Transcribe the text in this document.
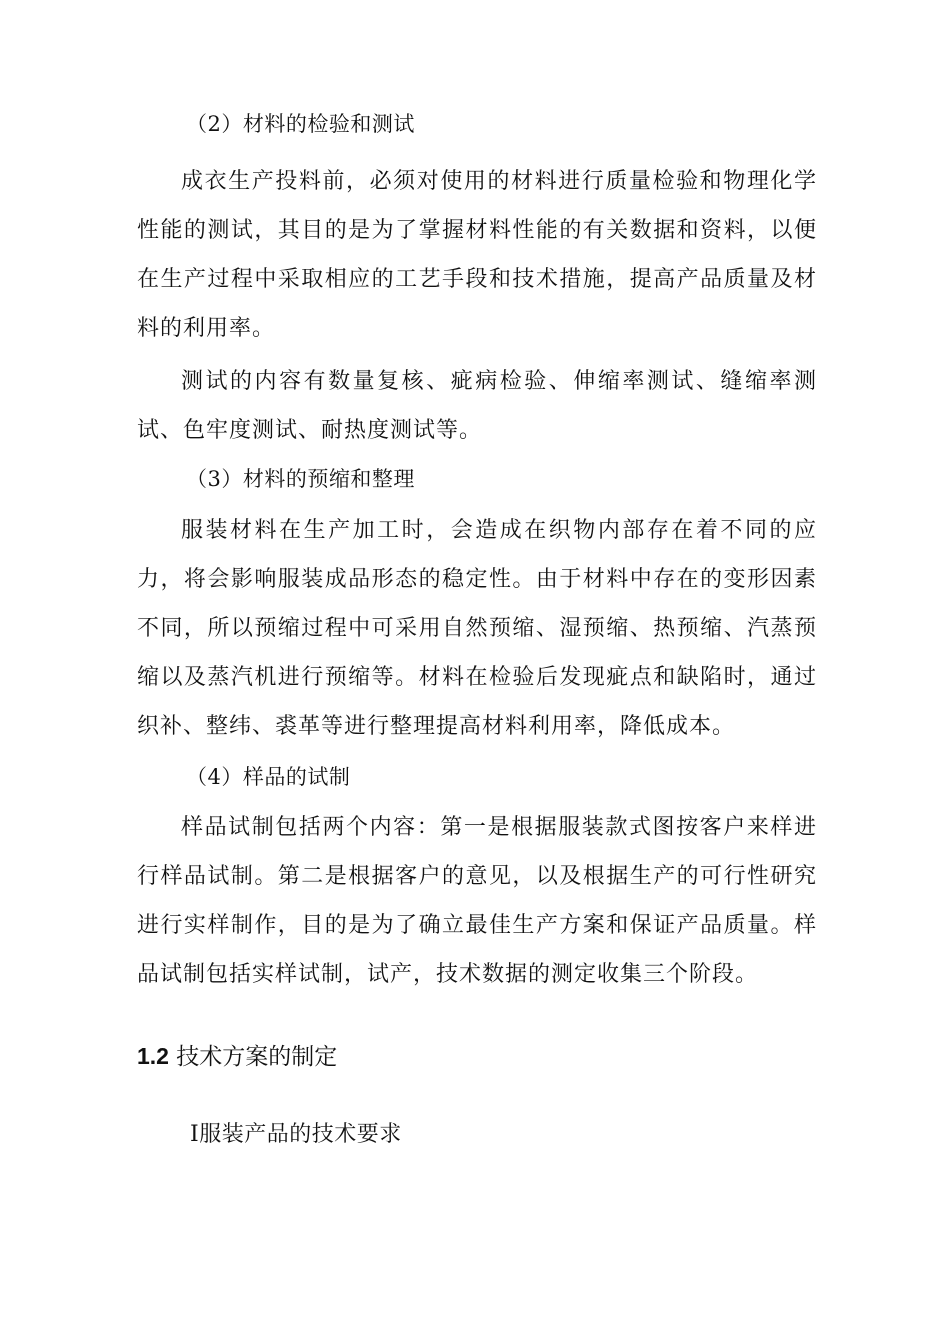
（2）材料的检验和测试
成衣生产投料前，必须对使用的材料进行质量检验和物理化学性能的测试，其目的是为了掌握材料性能的有关数据和资料，以便在生产过程中采取相应的工艺手段和技术措施，提高产品质量及材料的利用率。
测试的内容有数量复核、疵病检验、伸缩率测试、缝缩率测试、色牢度测试、耐热度测试等。
（3）材料的预缩和整理
服装材料在生产加工时，会造成在织物内部存在着不同的应力，将会影响服装成品形态的稳定性。由于材料中存在的变形因素不同，所以预缩过程中可采用自然预缩、湿预缩、热预缩、汽蒸预缩以及蒸汽机进行预缩等。材料在检验后发现疵点和缺陷时，通过织补、整纬、裘革等进行整理提高材料利用率，降低成本。
（4）样品的试制
样品试制包括两个内容：第一是根据服装款式图按客户来样进行样品试制。第二是根据客户的意见，以及根据生产的可行性研究进行实样制作，目的是为了确立最佳生产方案和保证产品质量。样品试制包括实样试制，试产，技术数据的测定收集三个阶段。
1.2 技术方案的制定
I服装产品的技术要求
